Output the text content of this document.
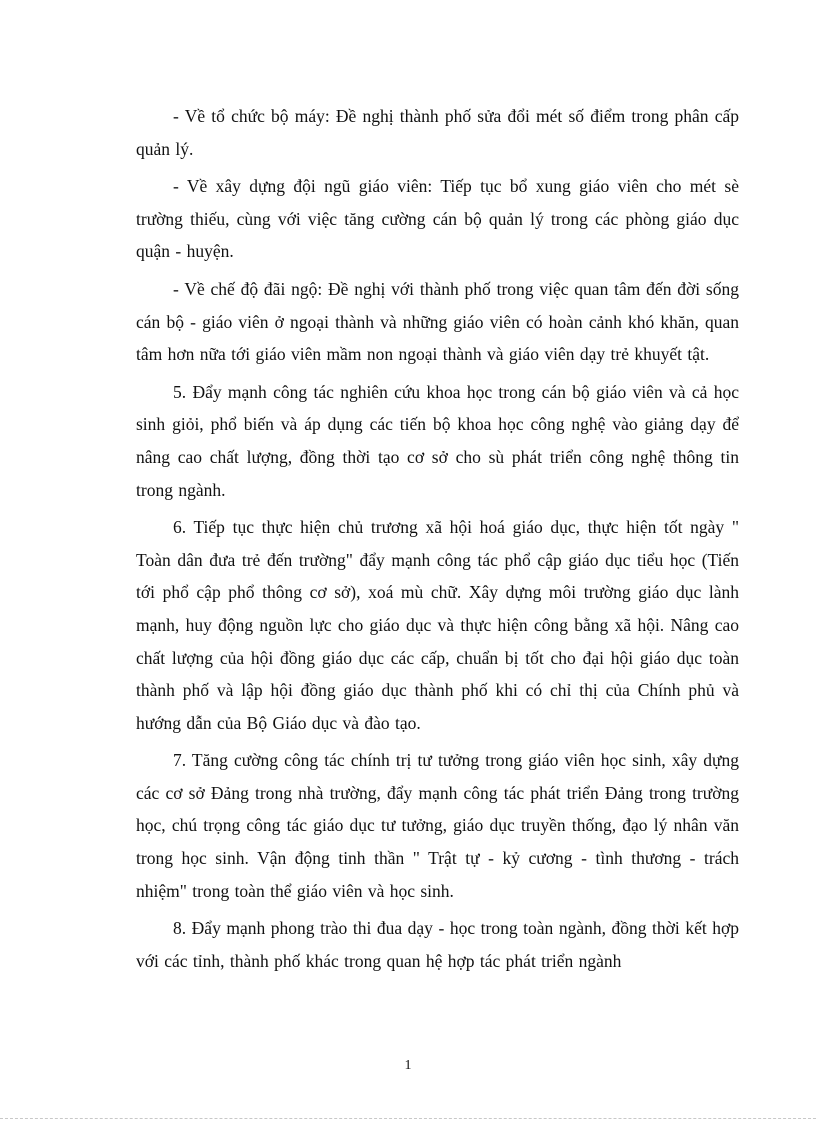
- Về tổ chức bộ máy: Đề nghị thành phố sửa đổi mét số điểm trong phân cấp quản lý.

- Về xây dựng đội ngũ giáo viên: Tiếp tục bổ xung giáo viên cho mét sè trường thiếu, cùng với việc tăng cường cán bộ quản lý trong các phòng giáo dục quận - huyện.

- Về chế độ đãi ngộ: Đề nghị với thành phố trong việc quan tâm đến đời sống cán bộ - giáo viên ở ngoại thành và những giáo viên có hoàn cảnh khó khăn, quan tâm hơn nữa tới giáo viên mầm non ngoại thành và giáo viên dạy trẻ khuyết tật.

5. Đẩy mạnh công tác nghiên cứu khoa học trong cán bộ giáo viên và cả học sinh giỏi, phổ biến và áp dụng các tiến bộ khoa học công nghệ vào giảng dạy để nâng cao chất lượng, đồng thời tạo cơ sở cho sù phát triển công nghệ thông tin trong ngành.

6. Tiếp tục thực hiện chủ trương xã hội hoá giáo dục, thực hiện tốt ngày " Toàn dân đưa trẻ đến trường" đẩy mạnh công tác phổ cập giáo dục tiểu học (Tiến tới phổ cập phổ thông cơ sở), xoá mù chữ. Xây dựng môi trường giáo dục lành mạnh, huy động nguồn lực cho giáo dục và thực hiện công bằng xã hội. Nâng cao chất lượng của hội đồng giáo dục các cấp, chuẩn bị tốt cho đại hội giáo dục toàn thành phố và lập hội đồng giáo dục thành phố khi có chỉ thị của Chính phủ và hướng dẫn của Bộ Giáo dục và đào tạo.

7. Tăng cường công tác chính trị tư tưởng trong giáo viên học sinh, xây dựng các cơ sở Đảng trong nhà trường, đẩy mạnh công tác phát triển Đảng trong trường học, chú trọng công tác giáo dục tư tưởng, giáo dục truyền thống, đạo lý nhân văn trong học sinh. Vận động tinh thần " Trật tự - kỷ cương - tình thương - trách nhiệm" trong toàn thể giáo viên và học sinh.

8. Đẩy mạnh phong trào thi đua dạy - học trong toàn ngành, đồng thời kết hợp với các tỉnh, thành phố khác trong quan hệ hợp tác phát triển ngành

1
